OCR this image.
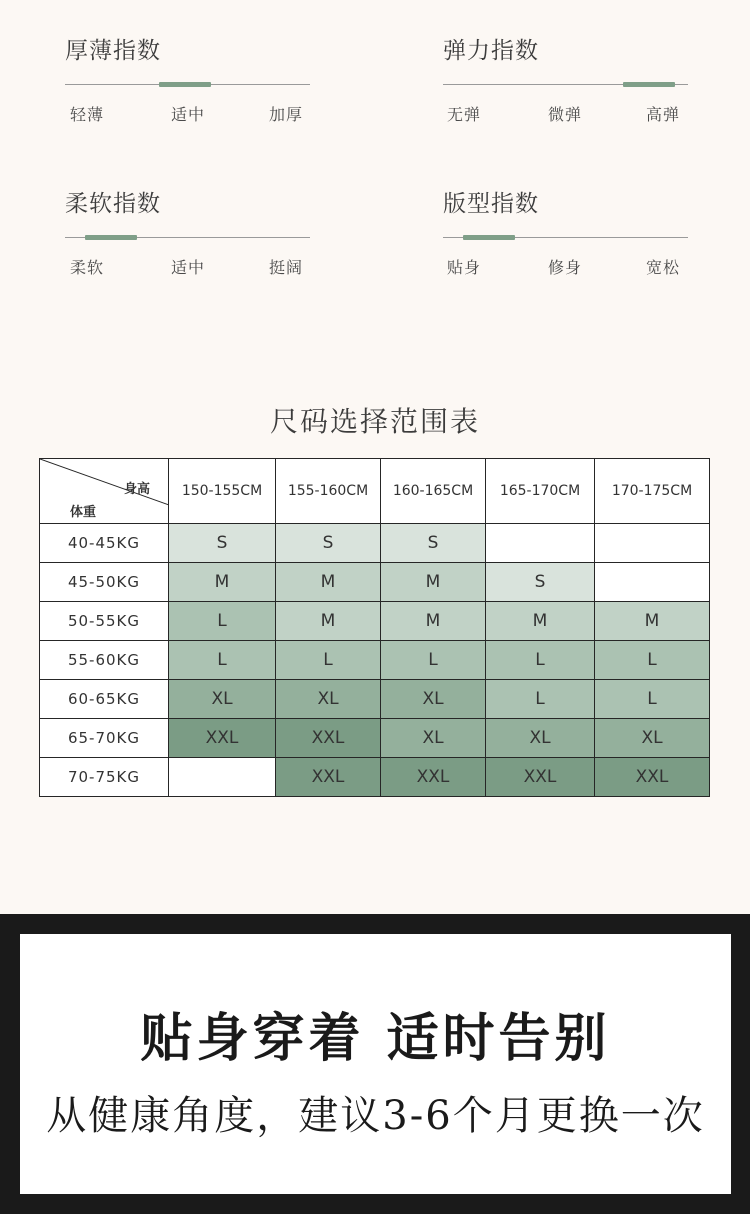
厚薄指数
轻薄	适中	加厚
弹力指数
无弹	微弹	高弹
柔软指数
柔软	适中	挺阔
版型指数
贴身	修身	宽松
尺码选择范围表
身高
体重	150-155CM	155-160CM	160-165CM	165-170CM	170-175CM
40-45KG	S	S	S		
45-50KG	M	M	M	S	
50-55KG	L	M	M	M	M
55-60KG	L	L	L	L	L
60-65KG	XL	XL	XL	L	L
65-70KG	XXL	XXL	XL	XL	XL
70-75KG		XXL	XXL	XXL	XXL
贴身穿着 适时告别
从健康角度，建议3-6个月更换一次
